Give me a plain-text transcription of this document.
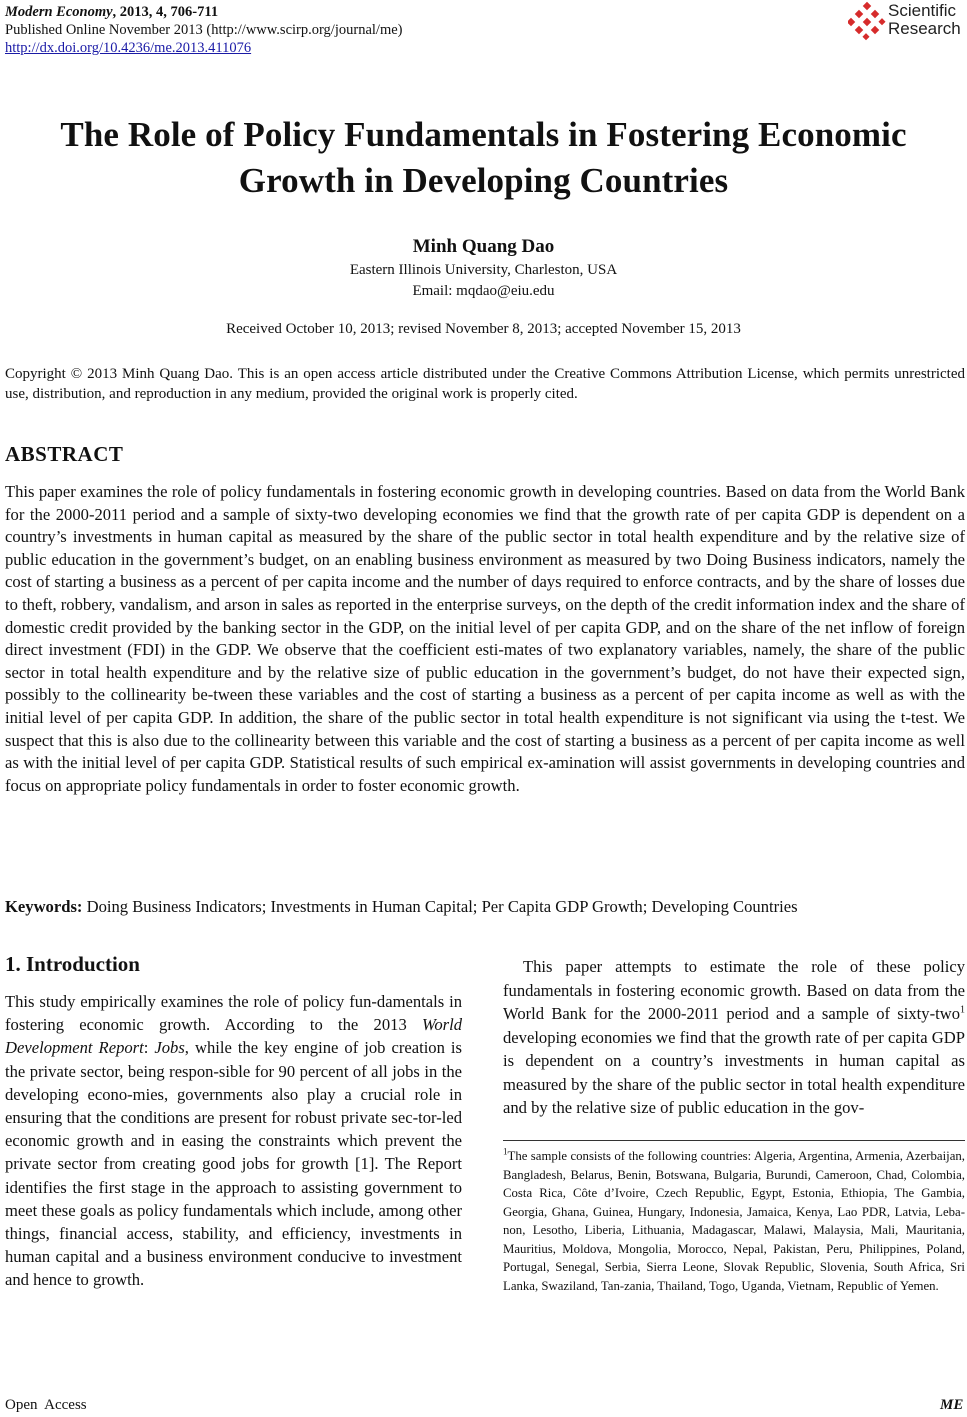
Modern Economy, 2013, 4, 706-711
Published Online November 2013 (http://www.scirp.org/journal/me)
http://dx.doi.org/10.4236/me.2013.411076
Scientific
Research
The Role of Policy Fundamentals in Fostering Economic
Growth in Developing Countries
Minh Quang Dao
Eastern Illinois University, Charleston, USA
Email: mqdao@eiu.edu
Received October 10, 2013; revised November 8, 2013; accepted November 15, 2013
Copyright © 2013 Minh Quang Dao. This is an open access article distributed under the Creative Commons Attribution License, which permits unrestricted use, distribution, and reproduction in any medium, provided the original work is properly cited.
ABSTRACT
This paper examines the role of policy fundamentals in fostering economic growth in developing countries. Based on data from the World Bank for the 2000-2011 period and a sample of sixty-two developing economies we find that the growth rate of per capita GDP is dependent on a country’s investments in human capital as measured by the share of the public sector in total health expenditure and by the relative size of public education in the government’s budget, on an enabling business environment as measured by two Doing Business indicators, namely the cost of starting a business as a percent of per capita income and the number of days required to enforce contracts, and by the share of losses due to theft, robbery, vandalism, and arson in sales as reported in the enterprise surveys, on the depth of the credit information index and the share of domestic credit provided by the banking sector in the GDP, on the initial level of per capita GDP, and on the share of the net inflow of foreign direct investment (FDI) in the GDP. We observe that the coefficient esti-mates of two explanatory variables, namely, the share of the public sector in total health expenditure and by the relative size of public education in the government’s budget, do not have their expected sign, possibly to the collinearity be-tween these variables and the cost of starting a business as a percent of per capita income as well as with the initial level of per capita GDP. In addition, the share of the public sector in total health expenditure is not significant via using the t-test. We suspect that this is also due to the collinearity between this variable and the cost of starting a business as a percent of per capita income as well as with the initial level of per capita GDP. Statistical results of such empirical ex-amination will assist governments in developing countries and focus on appropriate policy fundamentals in order to foster economic growth.
Keywords: Doing Business Indicators; Investments in Human Capital; Per Capita GDP Growth; Developing Countries
1. Introduction
This study empirically examines the role of policy fun-damentals in fostering economic growth. According to the 2013 World Development Report: Jobs, while the key engine of job creation is the private sector, being respon-sible for 90 percent of all jobs in the developing econo-mies, governments also play a crucial role in ensuring that the conditions are present for robust private sec-tor-led economic growth and in easing the constraints which prevent the private sector from creating good jobs for growth [1]. The Report identifies the first stage in the approach to assisting government to meet these goals as policy fundamentals which include, among other things, financial access, stability, and efficiency, investments in human capital and a business environment conducive to investment and hence to growth.
This paper attempts to estimate the role of these policy fundamentals in fostering economic growth. Based on data from the World Bank for the 2000-2011 period and a sample of sixty-two$^1$ developing economies we find that the growth rate of per capita GDP is dependent on a country’s investments in human capital as measured by the share of the public sector in total health expenditure and by the relative size of public education in the gov-
$^1$The sample consists of the following countries: Algeria, Argentina, Armenia, Azerbaijan, Bangladesh, Belarus, Benin, Botswana, Bulgaria, Burundi, Cameroon, Chad, Colombia, Costa Rica, Côte d’Ivoire, Czech Republic, Egypt, Estonia, Ethiopia, The Gambia, Georgia, Ghana, Guinea, Hungary, Indonesia, Jamaica, Kenya, Lao PDR, Latvia, Leba-non, Lesotho, Liberia, Lithuania, Madagascar, Malawi, Malaysia, Mali, Mauritania, Mauritius, Moldova, Mongolia, Morocco, Nepal, Pakistan, Peru, Philippines, Poland, Portugal, Senegal, Serbia, Sierra Leone, Slovak Republic, Slovenia, South Africa, Sri Lanka, Swaziland, Tan-zania, Thailand, Togo, Uganda, Vietnam, Republic of Yemen.
Open  Access	ME
